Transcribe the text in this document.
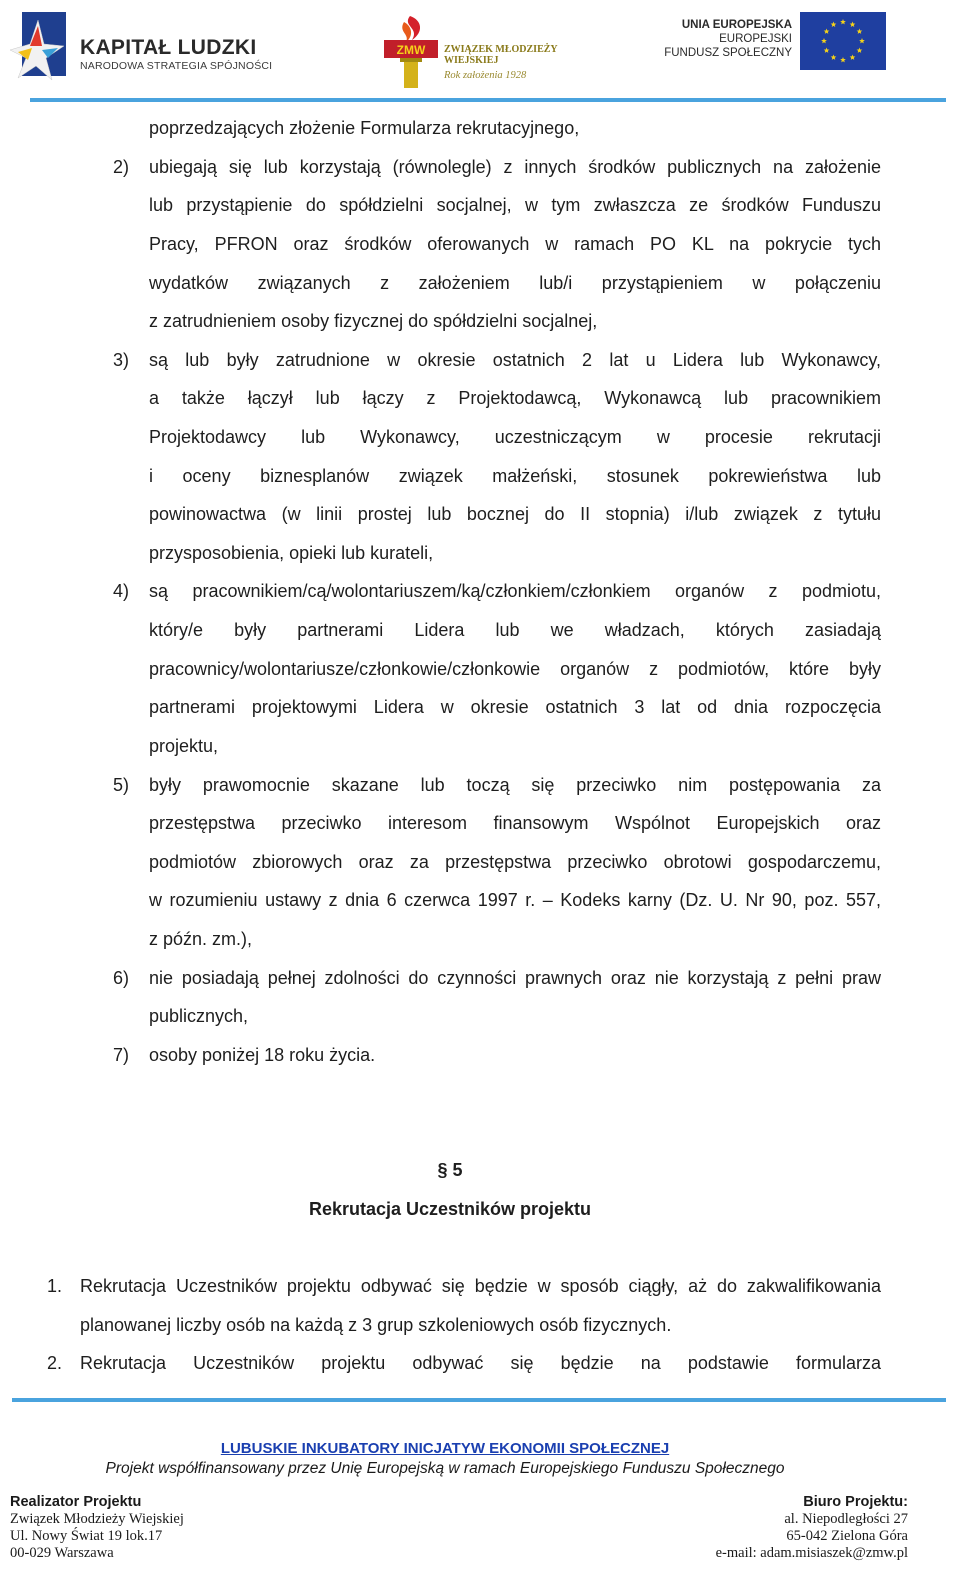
KAPITAŁ LUDZKI
NARODOWA STRATEGIA SPÓJNOŚCI
ZMW ZWIĄZEK MŁODZIEŻY WIEJSKIEJ
Rok założenia 1928
UNIA EUROPEJSKA
EUROPEJSKI
FUNDUSZ SPOŁECZNY
poprzedzających złożenie Formularza rekrutacyjnego,
2) ubiegają się lub korzystają (równolegle) z innych środków publicznych na założenie
lub przystąpienie do spółdzielni socjalnej, w tym zwłaszcza ze środków Funduszu
Pracy, PFRON oraz środków oferowanych w ramach PO KL na pokrycie tych
wydatków związanych z założeniem lub/i przystąpieniem w połączeniu
z zatrudnieniem osoby fizycznej do spółdzielni socjalnej,
3) są lub były zatrudnione w okresie ostatnich 2 lat u Lidera lub Wykonawcy,
a także łączył lub łączy z Projektodawcą, Wykonawcą lub pracownikiem
Projektodawcy lub Wykonawcy, uczestniczącym w procesie rekrutacji
i oceny biznesplanów związek małżeński, stosunek pokrewieństwa lub
powinowactwa (w linii prostej lub bocznej do II stopnia) i/lub związek z tytułu
przysposobienia, opieki lub kurateli,
4) są pracownikiem/cą/wolontariuszem/ką/członkiem/członkiem organów z podmiotu,
który/e były partnerami Lidera lub we władzach, których zasiadają
pracownicy/wolontariusze/członkowie/członkowie organów z podmiotów, które były
partnerami projektowymi Lidera w okresie ostatnich 3 lat od dnia rozpoczęcia
projektu,
5) były prawomocnie skazane lub toczą się przeciwko nim postępowania za
przestępstwa przeciwko interesom finansowym Wspólnot Europejskich oraz
podmiotów zbiorowych oraz za przestępstwa przeciwko obrotowi gospodarczemu,
w rozumieniu ustawy z dnia 6 czerwca 1997 r. – Kodeks karny (Dz. U. Nr 90, poz. 557,
z późn. zm.),
6) nie posiadają pełnej zdolności do czynności prawnych oraz nie korzystają z pełni praw
publicznych,
7) osoby poniżej 18 roku życia.
§ 5
Rekrutacja Uczestników projektu
1. Rekrutacja Uczestników projektu odbywać się będzie w sposób ciągły, aż do zakwalifikowania
planowanej liczby osób na każdą z 3 grup szkoleniowych osób fizycznych.
2. Rekrutacja Uczestników projektu odbywać się będzie na podstawie formularza
LUBUSKIE INKUBATORY INICJATYW EKONOMII SPOŁECZNEJ
Projekt współfinansowany przez Unię Europejską w ramach Europejskiego Funduszu Społecznego
Realizator Projektu
Związek Młodzieży Wiejskiej
Ul. Nowy Świat 19 lok.17
00-029 Warszawa
Biuro Projektu:
al. Niepodległości 27
65-042 Zielona Góra
e-mail: adam.misiaszek@zmw.pl
